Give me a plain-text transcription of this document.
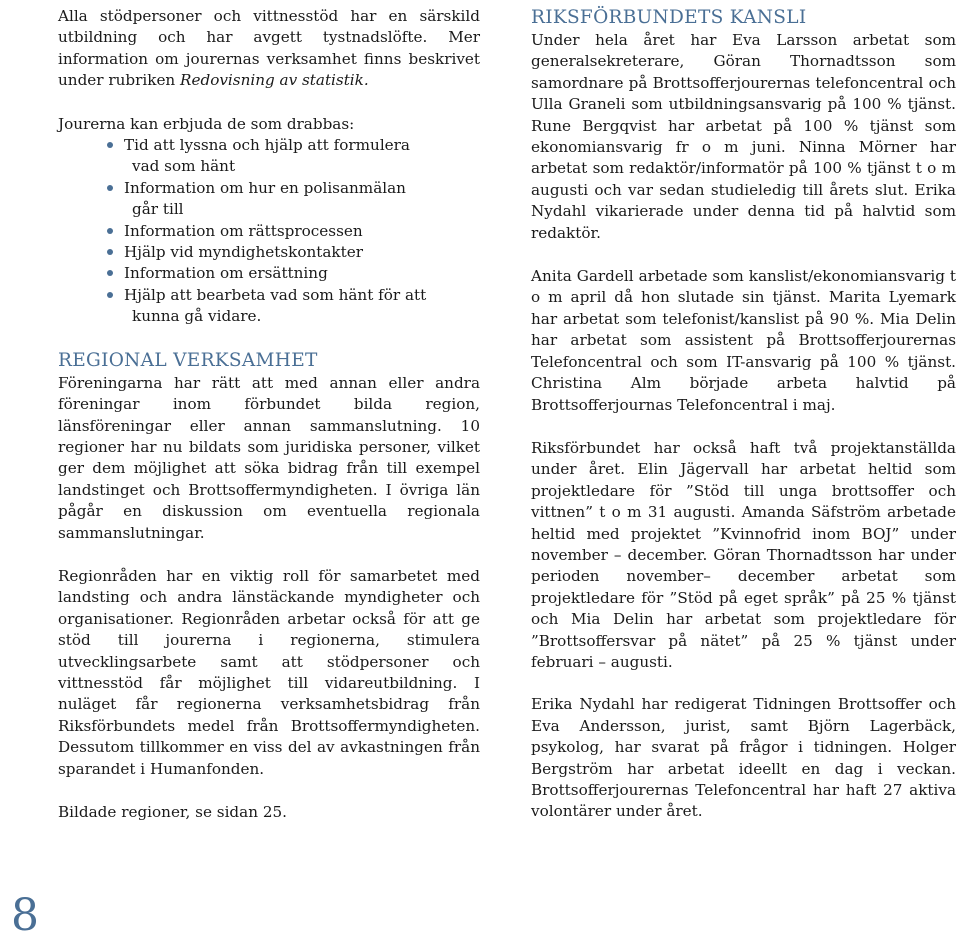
Alla stödpersoner och vittnesstöd har en särskild utbildning och har avgett tystnadslöfte. Mer information om jourernas verksamhet finns beskrivet under rubriken Redovisning av statistik.

Jourerna kan erbjuda de som drabbas:

Tid att lyssna och hjälp att formulera
vad som hänt
Information om hur en polisanmälan
går till
Information om rättsprocessen
Hjälp vid myndighetskontakter
Information om ersättning
Hjälp att bearbeta vad som hänt för att
kunna gå vidare.
REGIONAL VERKSAMHET

Föreningarna har rätt att med annan eller andra föreningar inom förbundet bilda region, länsföreningar eller annan sammanslutning. 10 regioner har nu bildats som juridiska personer, vilket ger dem möjlighet att söka bidrag från till exempel landstinget och Brottsoffermyndigheten. I övriga län pågår en diskussion om eventuella regionala sammanslutningar.

Regionråden har en viktig roll för samarbetet med landsting och andra länstäckande myndigheter och organisationer. Regionråden arbetar också för att ge stöd till jourerna i regionerna, stimulera utvecklingsarbete samt att stödpersoner och vittnesstöd får möjlighet till vidareutbildning. I nuläget får regionerna verksamhetsbidrag från Riksförbundets medel från Brottsoffermyndigheten. Dessutom tillkommer en viss del av avkastningen från sparandet i Humanfonden.

Bildade regioner, se sidan 25.

RIKSFÖRBUNDETS KANSLI

Under hela året har Eva Larsson arbetat som generalsekreterare, Göran Thornadtsson som samordnare på Brottsofferjourernas telefoncentral och Ulla Graneli som utbildningsansvarig på 100 % tjänst. Rune Bergqvist har arbetat på 100 % tjänst som ekonomiansvarig fr o m juni. Ninna Mörner har arbetat som redaktör/informatör på 100 % tjänst t o m augusti och var sedan studieledig till årets slut. Erika Nydahl vikarierade under denna tid på halvtid som redaktör.

Anita Gardell arbetade som kanslist/ekonomiansvarig t o m april då hon slutade sin tjänst. Marita Lyemark har arbetat som telefonist/kanslist på 90 %. Mia Delin har arbetat som assistent på Brottsofferjourernas Telefoncentral och som IT-ansvarig på 100 % tjänst. Christina Alm började arbeta halvtid på Brottsofferjournas Telefoncentral i maj.

Riksförbundet har också haft två projektanställda under året. Elin Jägervall har arbetat heltid som projektledare för ”Stöd till unga brottsoffer och vittnen” t o m 31 augusti. Amanda Säfström arbetade heltid med projektet ”Kvinnofrid inom BOJ” under november – december. Göran Thornadtsson har under perioden november– december arbetat som projektledare för ”Stöd på eget språk” på 25 % tjänst och Mia Delin har arbetat som projektledare för ”Brottsoffersvar på nätet” på 25 % tjänst under februari – augusti.

Erika Nydahl har redigerat Tidningen Brottsoffer och Eva Andersson, jurist, samt Björn Lagerbäck, psykolog, har svarat på frågor i tidningen. Holger Bergström har arbetat ideellt en dag i veckan. Brottsofferjourernas Telefoncentral har haft 27 aktiva volontärer under året.

8
